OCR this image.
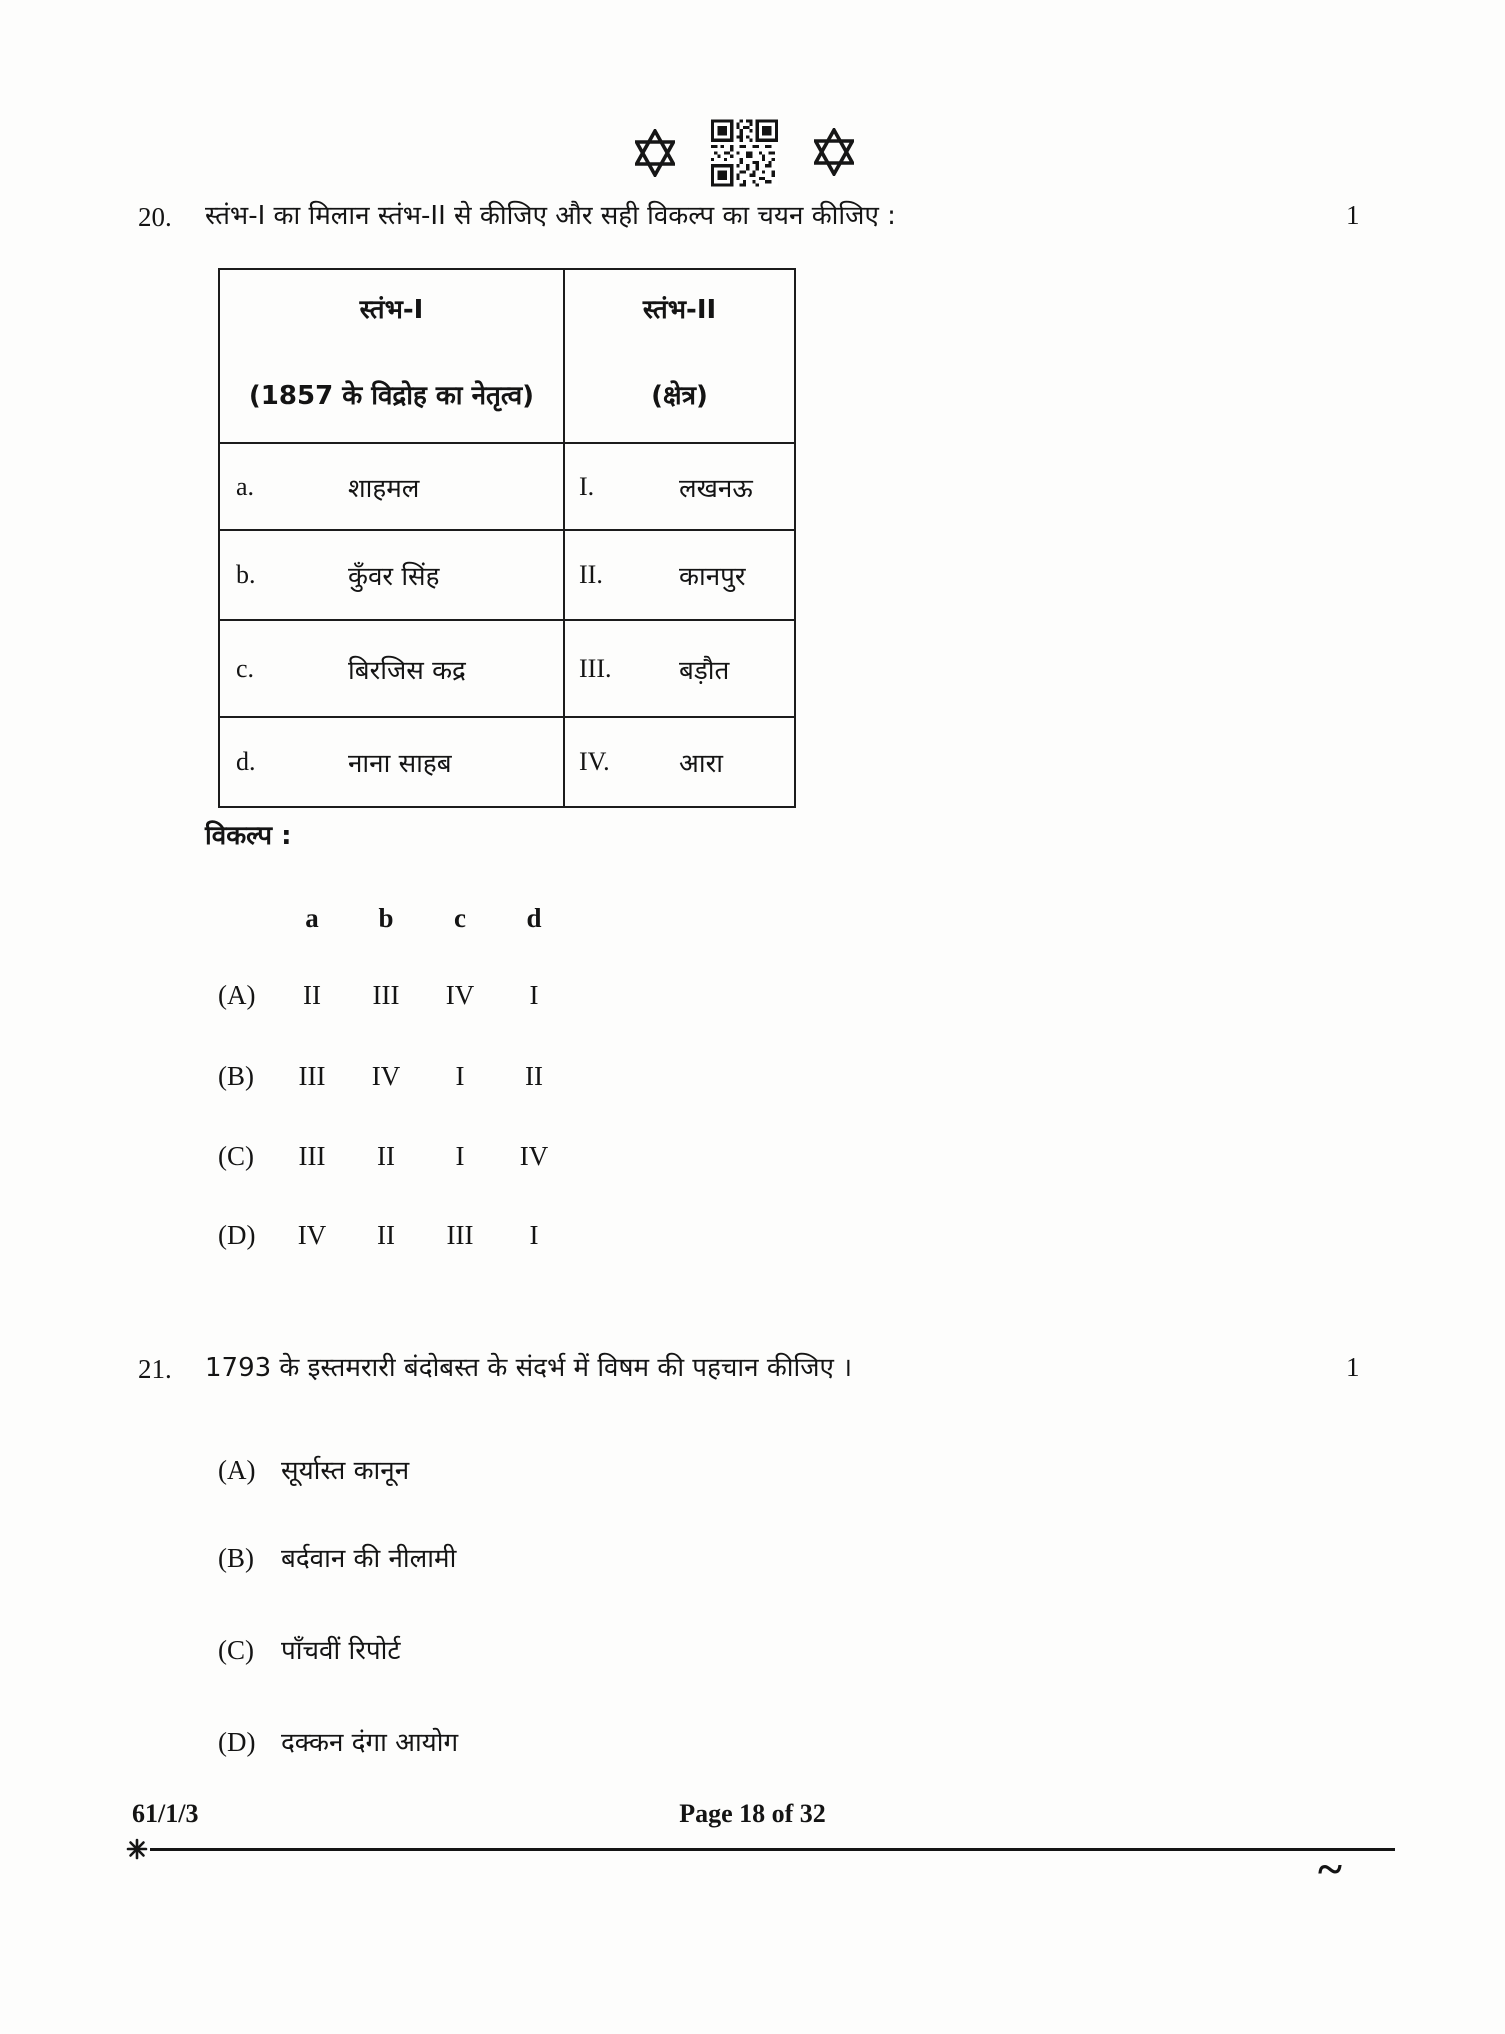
20. स्तंभ-I का मिलान स्तंभ-II से कीजिए और सही विकल्प का चयन कीजिए :	1
स्तंभ-I
(1857 के विद्रोह का नेतृत्व)
स्तंभ-II
(क्षेत्र)
a.	शाहमल	I.	लखनऊ
b.	कुँवर सिंह	II.	कानपुर
c.	बिरजिस कद्र	III.	बड़ौत
d.	नाना साहब	IV.	आरा
विकल्प :
a	b	c	d
(A)	II	III	IV	I
(B)	III	IV	I	II
(C)	III	II	I	IV
(D)	IV	II	III	I
21. 1793 के इस्तमरारी बंदोबस्त के संदर्भ में विषम की पहचान कीजिए ।	1
(A) सूर्यास्त कानून
(B)	बर्दवान की नीलामी
(C)	पाँचवीं रिपोर्ट
(D) दक्कन दंगा आयोग
61/1/3	Page 18 of 32
~
